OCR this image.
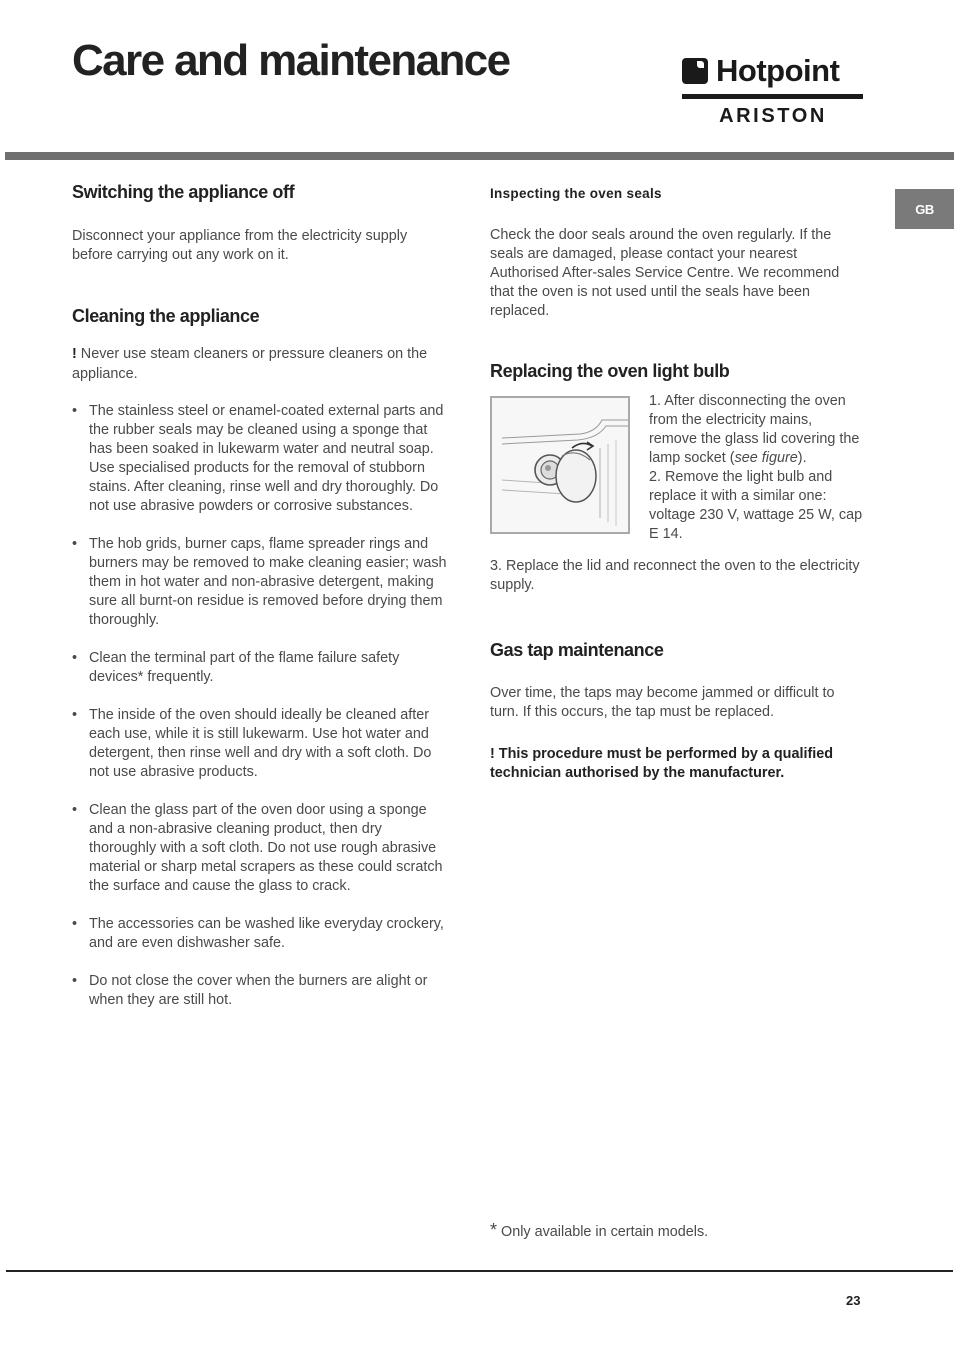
Care and maintenance	Hotpoint
ARISTON
GB
Switching the appliance off

Disconnect your appliance from the electricity supply before carrying out any work on it.

Cleaning the appliance

! Never use steam cleaners or pressure cleaners on the appliance.

• The stainless steel or enamel-coated external parts and the rubber seals may be cleaned using a sponge that has been soaked in lukewarm water and neutral soap. Use specialised products for the removal of stubborn stains. After cleaning, rinse well and dry thoroughly. Do not use abrasive powders or corrosive substances.
• The hob grids, burner caps, flame spreader rings and burners may be removed to make cleaning easier; wash them in hot water and non-abrasive detergent, making sure all burnt-on residue is removed before drying them thoroughly.
• Clean the terminal part of the flame failure safety devices* frequently.
• The inside of the oven should ideally be cleaned after each use, while it is still lukewarm. Use hot water and detergent, then rinse well and dry with a soft cloth. Do not use abrasive products.
• Clean the glass part of the oven door using a sponge and a non-abrasive cleaning product, then dry thoroughly with a soft cloth. Do not use rough abrasive material or sharp metal scrapers as these could scratch the surface and cause the glass to crack.
• The accessories can be washed like everyday crockery, and are even dishwasher safe.
• Do not close the cover when the burners are alight or when they are still hot.
Inspecting the oven seals

Check the door seals around the oven regularly. If the seals are damaged, please contact your nearest Authorised After-sales Service Centre. We recommend that the oven is not used until the seals have been replaced.

Replacing the oven light bulb

1. After disconnecting the oven from the electricity mains, remove the glass lid covering the lamp socket (see figure).

2. Remove the light bulb and replace it with a similar one: voltage 230 V, wattage 25 W, cap E 14.

3. Replace the lid and reconnect the oven to the electricity supply.

Gas tap maintenance

Over time, the taps may become jammed or difficult to turn. If this occurs, the tap must be replaced.

! This procedure must be performed by a qualified technician authorised by the manufacturer.

* Only available in certain models.
23
